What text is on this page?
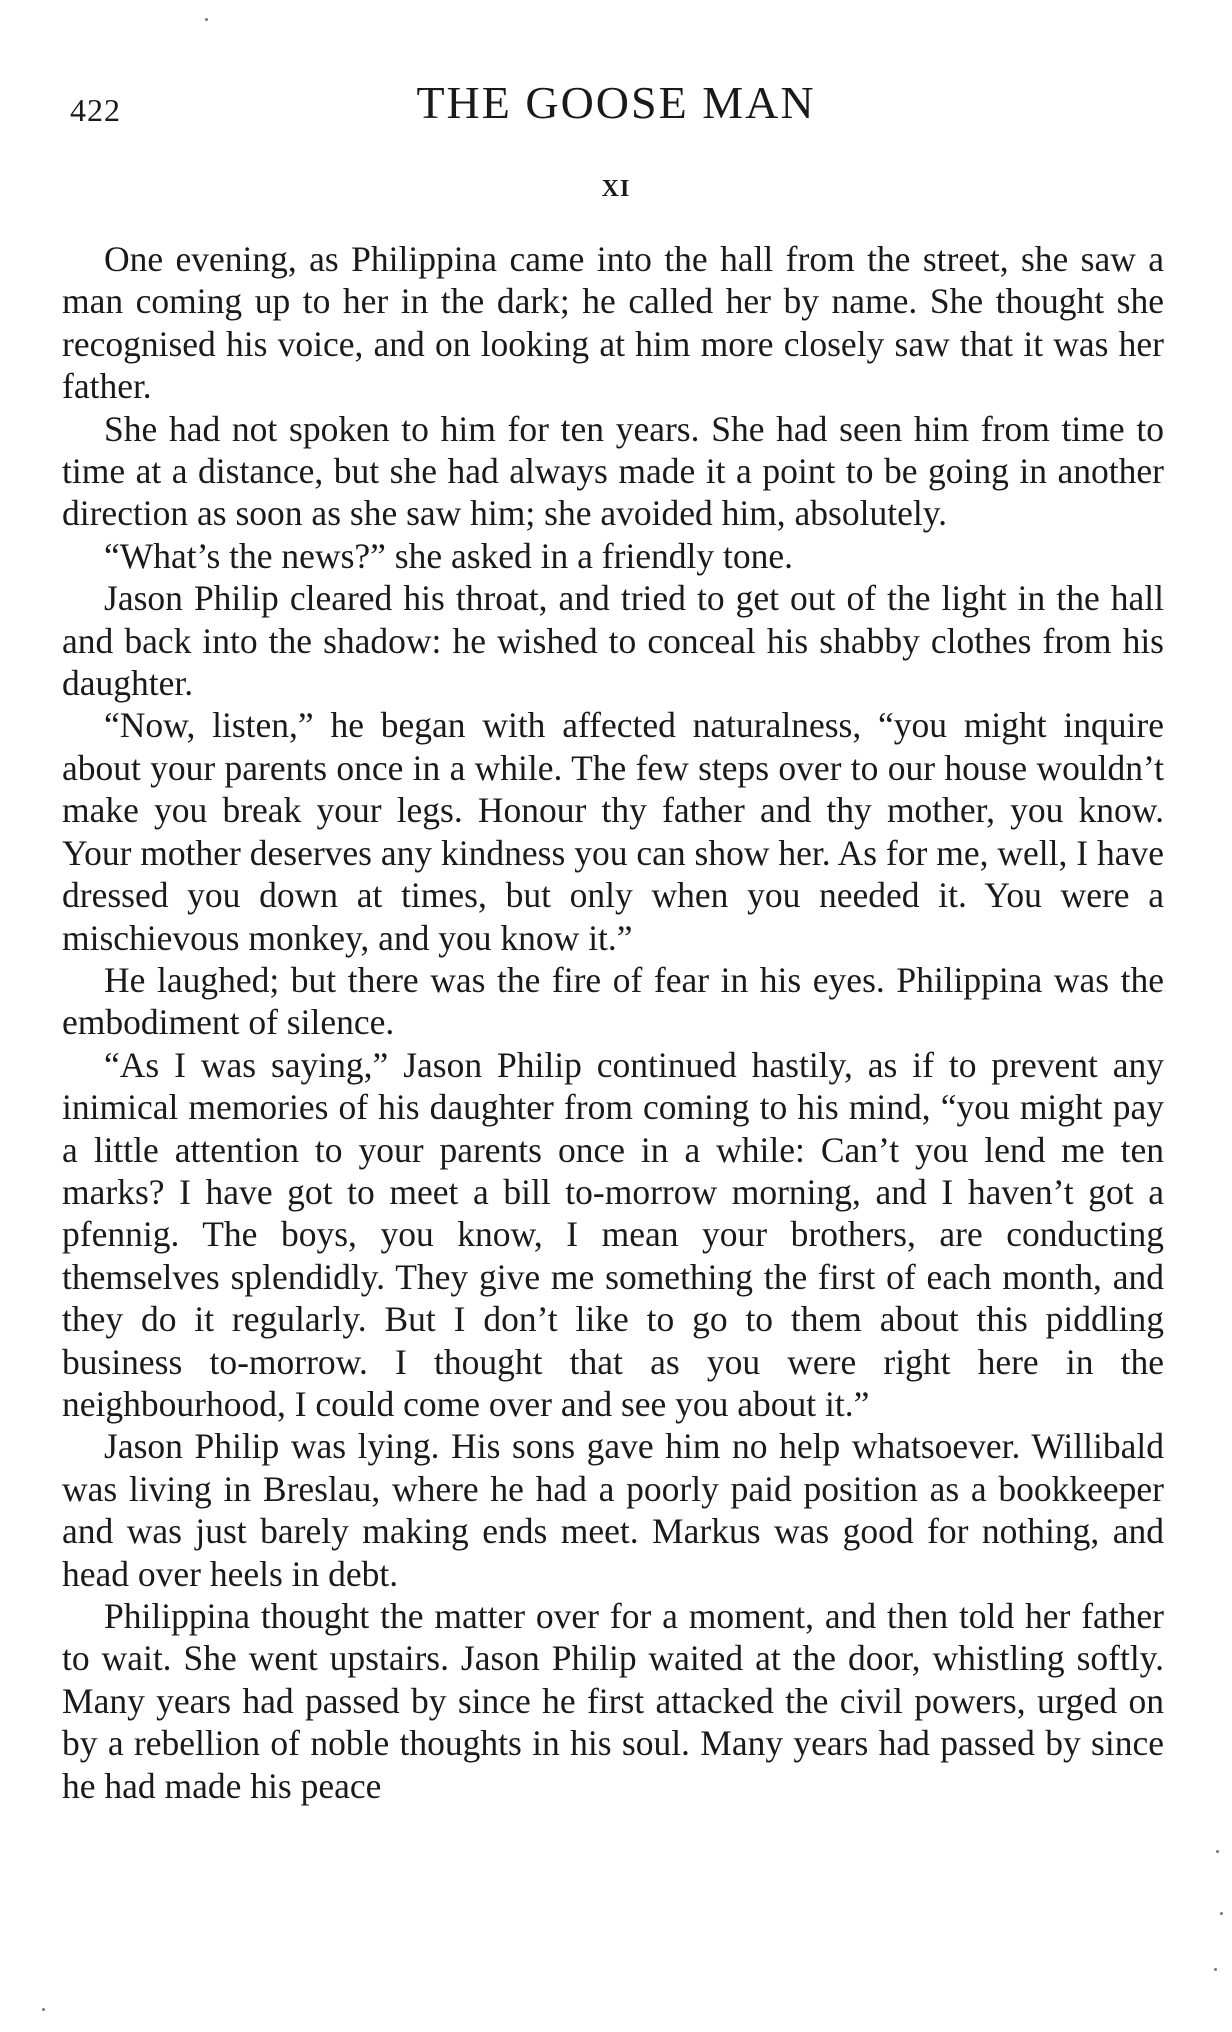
422	THE GOOSE MAN
XI

One evening, as Philippina came into the hall from the street, she saw a man coming up to her in the dark; he called her by name. She thought she recognised his voice, and on looking at him more closely saw that it was her father.

She had not spoken to him for ten years. She had seen him from time to time at a distance, but she had always made it a point to be going in another direction as soon as she saw him; she avoided him, absolutely.

“What’s the news?” she asked in a friendly tone.

Jason Philip cleared his throat, and tried to get out of the light in the hall and back into the shadow: he wished to conceal his shabby clothes from his daughter.

“Now, listen,” he began with affected naturalness, “you might inquire about your parents once in a while. The few steps over to our house wouldn’t make you break your legs. Honour thy father and thy mother, you know. Your mother deserves any kindness you can show her. As for me, well, I have dressed you down at times, but only when you needed it. You were a mischievous monkey, and you know it.”

He laughed; but there was the fire of fear in his eyes. Philippina was the embodiment of silence.

“As I was saying,” Jason Philip continued hastily, as if to prevent any inimical memories of his daughter from coming to his mind, “you might pay a little attention to your parents once in a while: Can’t you lend me ten marks? I have got to meet a bill to-morrow morning, and I haven’t got a pfennig. The boys, you know, I mean your brothers, are conducting themselves splendidly. They give me something the first of each month, and they do it regularly. But I don’t like to go to them about this piddling business to-morrow. I thought that as you were right here in the neighbourhood, I could come over and see you about it.”

Jason Philip was lying. His sons gave him no help whatsoever. Willibald was living in Breslau, where he had a poorly paid position as a bookkeeper and was just barely making ends meet. Markus was good for nothing, and head over heels in debt.

Philippina thought the matter over for a moment, and then told her father to wait. She went upstairs. Jason Philip waited at the door, whistling softly. Many years had passed by since he first attacked the civil powers, urged on by a rebellion of noble thoughts in his soul. Many years had passed by since he had made his peace
